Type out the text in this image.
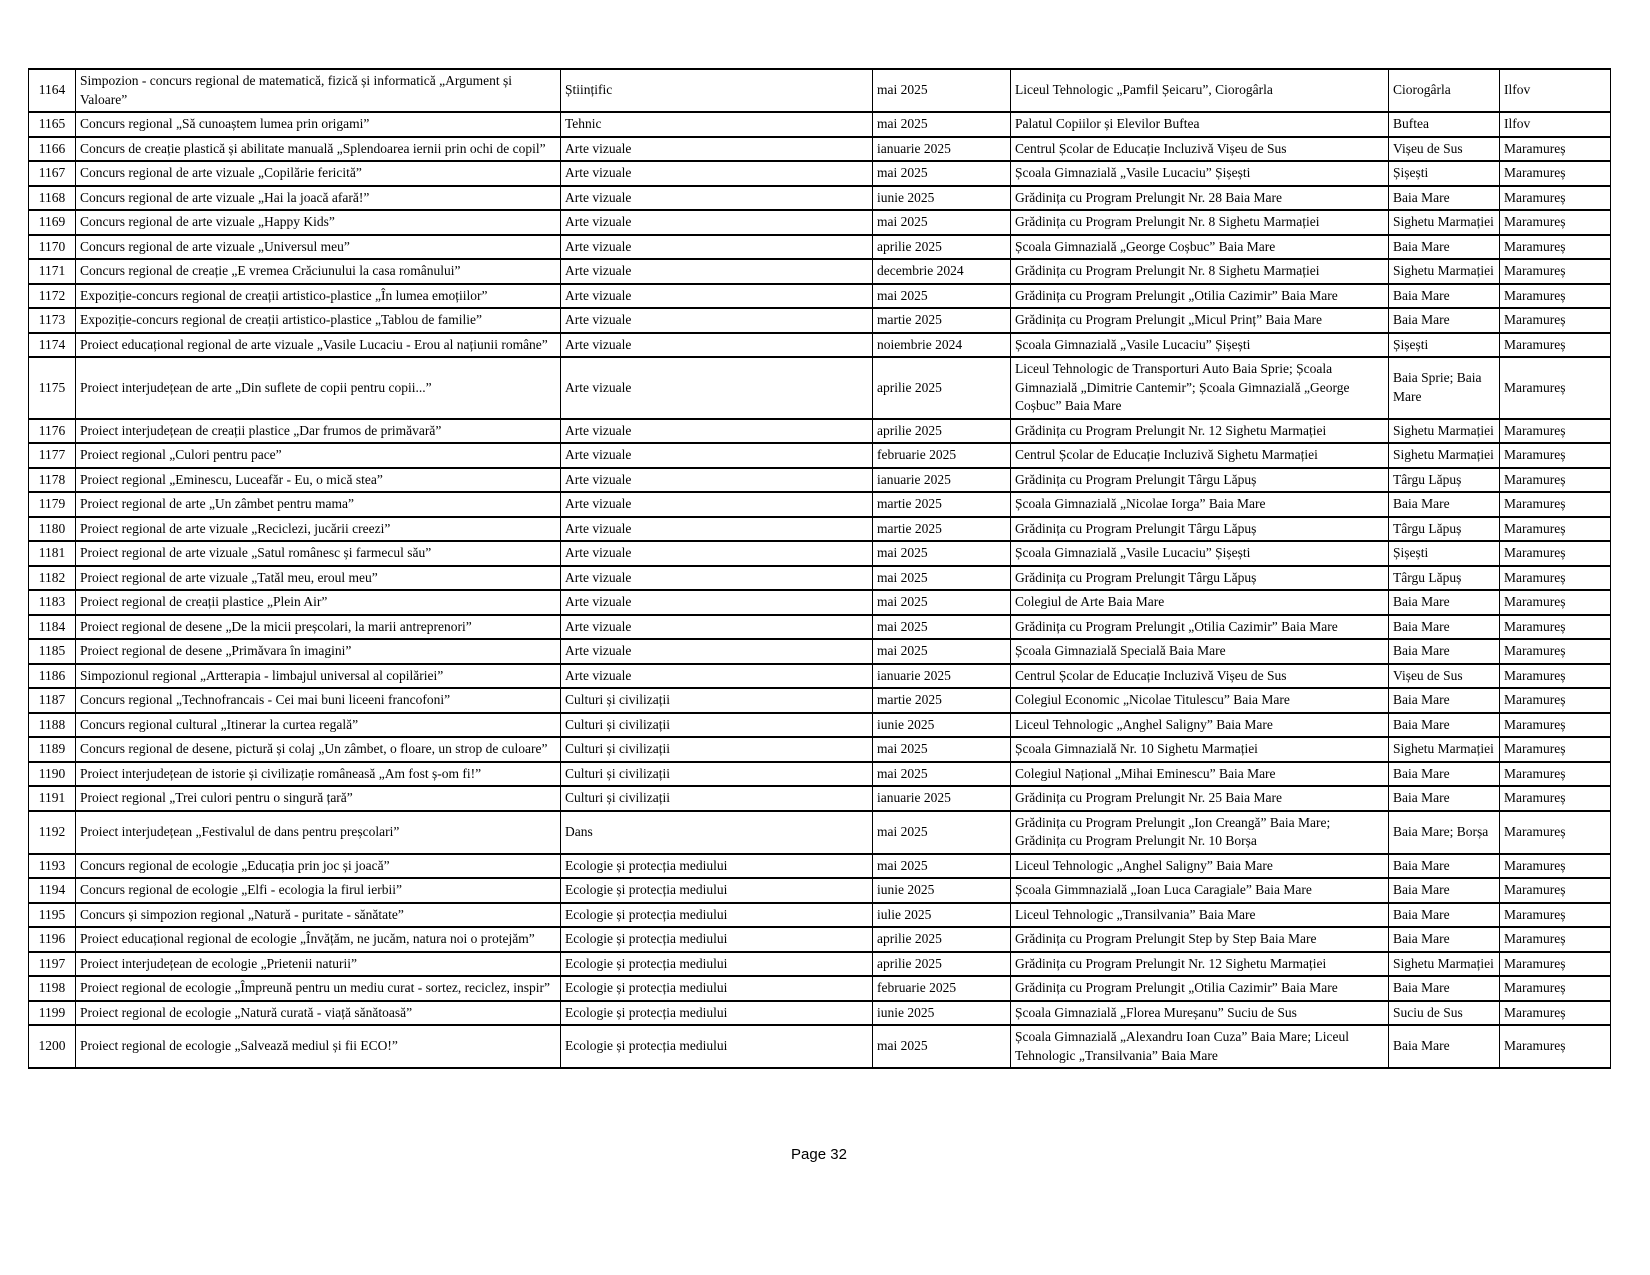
1164	Simpozion - concurs regional de matematică, fizică și informatică „Argument și Valoare”	Științific	mai 2025	Liceul Tehnologic „Pamfil Șeicaru”, Ciorogârla	Ciorogârla	Ilfov
1165	Concurs regional „Să cunoaștem lumea prin origami”	Tehnic	mai 2025	Palatul Copiilor și Elevilor Buftea	Buftea	Ilfov
1166	Concurs de creație plastică și abilitate manuală „Splendoarea iernii prin ochi de copil”	Arte vizuale	ianuarie 2025	Centrul Școlar de Educație Incluzivă Vișeu de Sus	Vișeu de Sus	Maramureș
1167	Concurs regional de arte vizuale „Copilărie fericită”	Arte vizuale	mai 2025	Școala Gimnazială „Vasile Lucaciu” Șișești	Șișești	Maramureș
1168	Concurs regional de arte vizuale „Hai la joacă afară!”	Arte vizuale	iunie 2025	Grădinița cu Program Prelungit Nr. 28 Baia Mare	Baia Mare	Maramureș
1169	Concurs regional de arte vizuale „Happy Kids”	Arte vizuale	mai 2025	Grădinița cu Program Prelungit Nr. 8 Sighetu Marmației	Sighetu Marmației	Maramureș
1170	Concurs regional de arte vizuale „Universul meu”	Arte vizuale	aprilie 2025	Școala Gimnazială „George Coșbuc” Baia Mare	Baia Mare	Maramureș
1171	Concurs regional de creație „E vremea Crăciunului la casa românului”	Arte vizuale	decembrie 2024	Grădinița cu Program Prelungit Nr. 8 Sighetu Marmației	Sighetu Marmației	Maramureș
1172	Expoziție-concurs regional de creații artistico-plastice „În lumea emoțiilor”	Arte vizuale	mai 2025	Grădinița cu Program Prelungit „Otilia Cazimir” Baia Mare	Baia Mare	Maramureș
1173	Expoziție-concurs regional de creații artistico-plastice „Tablou de familie”	Arte vizuale	martie 2025	Grădinița cu Program Prelungit „Micul Prinț” Baia Mare	Baia Mare	Maramureș
1174	Proiect educațional regional de arte vizuale „Vasile Lucaciu - Erou al națiunii române”	Arte vizuale	noiembrie 2024	Școala Gimnazială „Vasile Lucaciu” Șișești	Șișești	Maramureș
1175	Proiect interjudețean de arte „Din suflete de copii pentru copii...”	Arte vizuale	aprilie 2025	Liceul Tehnologic de Transporturi Auto Baia Sprie; Școala Gimnazială „Dimitrie Cantemir”; Școala Gimnazială „George Coșbuc” Baia Mare	Baia Sprie; Baia Mare	Maramureș
1176	Proiect interjudețean de creații plastice „Dar frumos de primăvară”	Arte vizuale	aprilie 2025	Grădinița cu Program Prelungit Nr. 12 Sighetu Marmației	Sighetu Marmației	Maramureș
1177	Proiect regional „Culori pentru pace”	Arte vizuale	februarie 2025	Centrul Școlar de Educație Incluzivă Sighetu Marmației	Sighetu Marmației	Maramureș
1178	Proiect regional „Eminescu, Luceafăr - Eu, o mică stea”	Arte vizuale	ianuarie 2025	Grădinița cu Program Prelungit Târgu Lăpuș	Târgu Lăpuș	Maramureș
1179	Proiect regional de arte „Un zâmbet pentru mama”	Arte vizuale	martie 2025	Școala Gimnazială „Nicolae Iorga” Baia Mare	Baia Mare	Maramureș
1180	Proiect regional de arte vizuale „Reciclezi, jucării creezi”	Arte vizuale	martie 2025	Grădinița cu Program Prelungit Târgu Lăpuș	Târgu Lăpuș	Maramureș
1181	Proiect regional de arte vizuale „Satul românesc și farmecul său”	Arte vizuale	mai 2025	Școala Gimnazială „Vasile Lucaciu” Șișești	Șișești	Maramureș
1182	Proiect regional de arte vizuale „Tatăl meu, eroul meu”	Arte vizuale	mai 2025	Grădinița cu Program Prelungit Târgu Lăpuș	Târgu Lăpuș	Maramureș
1183	Proiect regional de creații plastice „Plein Air”	Arte vizuale	mai 2025	Colegiul de Arte Baia Mare	Baia Mare	Maramureș
1184	Proiect regional de desene „De la micii preșcolari, la marii antreprenori”	Arte vizuale	mai 2025	Grădinița cu Program Prelungit „Otilia Cazimir” Baia Mare	Baia Mare	Maramureș
1185	Proiect regional de desene „Primăvara în imagini”	Arte vizuale	mai 2025	Școala Gimnazială Specială Baia Mare	Baia Mare	Maramureș
1186	Simpozionul regional „Artterapia - limbajul universal al copilăriei”	Arte vizuale	ianuarie 2025	Centrul Școlar de Educație Incluzivă Vișeu de Sus	Vișeu de Sus	Maramureș
1187	Concurs regional „Technofrancais - Cei mai buni liceeni francofoni”	Culturi și civilizații	martie 2025	Colegiul Economic „Nicolae Titulescu” Baia Mare	Baia Mare	Maramureș
1188	Concurs regional cultural „Itinerar la curtea regală”	Culturi și civilizații	iunie 2025	Liceul Tehnologic „Anghel Saligny” Baia Mare	Baia Mare	Maramureș
1189	Concurs regional de desene, pictură și colaj „Un zâmbet, o floare, un strop de culoare”	Culturi și civilizații	mai 2025	Școala Gimnazială Nr. 10 Sighetu Marmației	Sighetu Marmației	Maramureș
1190	Proiect interjudețean de istorie și civilizație româneasă „Am fost ș-om fi!”	Culturi și civilizații	mai 2025	Colegiul Național „Mihai Eminescu” Baia Mare	Baia Mare	Maramureș
1191	Proiect regional „Trei culori pentru o singură țară”	Culturi și civilizații	ianuarie 2025	Grădinița cu Program Prelungit Nr. 25 Baia Mare	Baia Mare	Maramureș
1192	Proiect interjudețean „Festivalul de dans pentru preșcolari”	Dans	mai 2025	Grădinița cu Program Prelungit „Ion Creangă” Baia Mare; Grădinița cu Program Prelungit Nr. 10 Borșa	Baia Mare; Borșa	Maramureș
1193	Concurs regional de ecologie „Educația prin joc și joacă”	Ecologie și protecția mediului	mai 2025	Liceul Tehnologic „Anghel Saligny” Baia Mare	Baia Mare	Maramureș
1194	Concurs regional de ecologie „Elfi - ecologia la firul ierbii”	Ecologie și protecția mediului	iunie 2025	Școala Gimmnazială „Ioan Luca Caragiale” Baia Mare	Baia Mare	Maramureș
1195	Concurs și simpozion regional „Natură - puritate - sănătate”	Ecologie și protecția mediului	iulie 2025	Liceul Tehnologic „Transilvania” Baia Mare	Baia Mare	Maramureș
1196	Proiect educațional regional de ecologie „Învățăm, ne jucăm, natura noi o protejăm”	Ecologie și protecția mediului	aprilie 2025	Grădinița cu Program Prelungit Step by Step Baia Mare	Baia Mare	Maramureș
1197	Proiect interjudețean de ecologie „Prietenii naturii”	Ecologie și protecția mediului	aprilie 2025	Grădinița cu Program Prelungit Nr. 12 Sighetu Marmației	Sighetu Marmației	Maramureș
1198	Proiect regional de ecologie „Împreună pentru un mediu curat - sortez, reciclez, inspir”	Ecologie și protecția mediului	februarie 2025	Grădinița cu Program Prelungit „Otilia Cazimir” Baia Mare	Baia Mare	Maramureș
1199	Proiect regional de ecologie „Natură curată - viață sănătoasă”	Ecologie și protecția mediului	iunie 2025	Școala Gimnazială „Florea Mureșanu” Suciu de Sus	Suciu de Sus	Maramureș
1200	Proiect regional de ecologie „Salvează mediul și fii ECO!”	Ecologie și protecția mediului	mai 2025	Școala Gimnazială „Alexandru Ioan Cuza” Baia Mare; Liceul Tehnologic „Transilvania” Baia Mare	Baia Mare	Maramureș
Page 32
